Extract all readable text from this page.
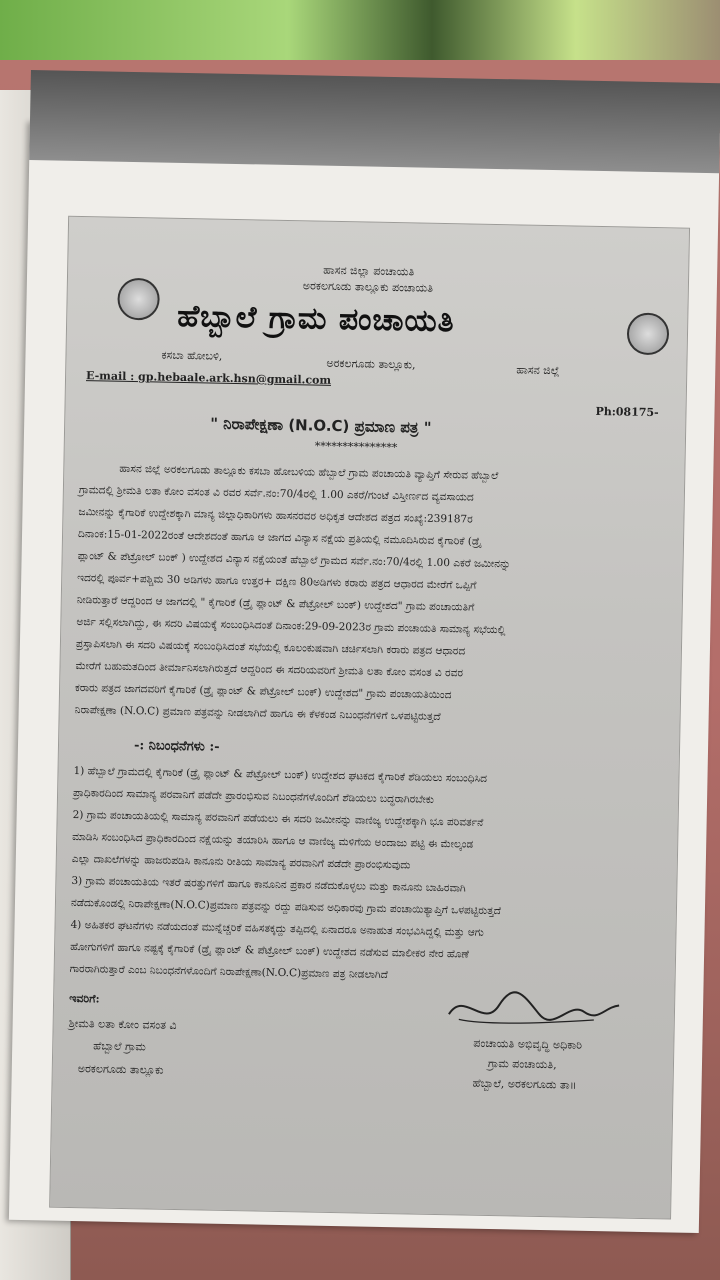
ಹಾಸನ ಜಿಲ್ಲಾ ಪಂಚಾಯತಿ
ಅರಕಲಗೂಡು ತಾಲ್ಲೂಕು ಪಂಚಾಯತಿ
ಹೆಬ್ಬಾಲೆ ಗ್ರಾಮ ಪಂಚಾಯತಿ
ಕಸಬಾ ಹೋಬಳಿ,
ಅರಕಲಗೂಡು ತಾಲ್ಲೂಕು,	ಹಾಸನ ಜಿಲ್ಲೆ
E-mail : gp.hebaale.ark.hsn@gmail.com
Ph:08175-
" ನಿರಾಪೇಕ್ಷಣಾ (N.O.C) ಪ್ರಮಾಣ ಪತ್ರ "
***************
ಹಾಸನ ಜಿಲ್ಲೆ ಅರಕಲಗೂಡು ತಾಲ್ಲೂಕು ಕಸಬಾ ಹೋಬಳಿಯ ಹೆಬ್ಬಾಲೆ ಗ್ರಾಮ ಪಂಚಾಯತಿ ವ್ಯಾಪ್ತಿಗೆ ಸೇರುವ ಹೆಬ್ಬಾಲೆ
ಗ್ರಾಮದಲ್ಲಿ ಶ್ರೀಮತಿ ಲತಾ ಕೋಂ ವಸಂತ ವಿ ರವರ ಸರ್ವೆ.ನಂ:70/4ರಲ್ಲಿ 1.00 ಎಕರೆ/ಗುಂಟೆ ವಿಸ್ತೀರ್ಣದ ವ್ಯವಸಾಯದ
ಜಮೀನನ್ನು ಕೈಗಾರಿಕೆ ಉದ್ದೇಶಕ್ಕಾಗಿ ಮಾನ್ಯ ಜಿಲ್ಲಾಧಿಕಾರಿಗಳು ಹಾಸನರವರ ಅಧಿಕೃತ ಆದೇಶದ ಪತ್ರದ ಸಂಖ್ಯೆ:239187ರ
ದಿನಾಂಕ:15-01-2022ರಂತೆ ಆದೇಶದಂತೆ ಹಾಗೂ ಆ ಜಾಗದ ವಿನ್ಯಾಸ ನಕ್ಷೆಯ ಪ್ರತಿಯಲ್ಲಿ ನಮೂದಿಸಿರುವ ಕೈಗಾರಿಕೆ (ಡ್ರೈ
ಪ್ಲಾಂಟ್ & ಪೆಟ್ರೋಲ್ ಬಂಕ್ ) ಉದ್ದೇಶದ ವಿನ್ಯಾಸ ನಕ್ಷೆಯಂತೆ ಹೆಬ್ಬಾಲೆ ಗ್ರಾಮದ ಸರ್ವೆ.ನಂ:70/4ರಲ್ಲಿ 1.00 ಎಕರೆ ಜಮೀನನ್ನು
ಇದರಲ್ಲಿ ಪೂರ್ವ+ಪಶ್ಚಿಮ 30 ಅಡಿಗಳು ಹಾಗೂ ಉತ್ತರ+ ದಕ್ಷಿಣ 80ಅಡಿಗಳು ಕರಾರು ಪತ್ರದ ಆಧಾರದ ಮೇರೆಗೆ ಒಪ್ಪಿಗೆ
ನೀಡಿರುತ್ತಾರೆ ಆದ್ದರಿಂದ ಆ ಜಾಗದಲ್ಲಿ " ಕೈಗಾರಿಕೆ (ಡ್ರೈ ಪ್ಲಾಂಟ್ & ಪೆಟ್ರೋಲ್ ಬಂಕ್) ಉದ್ದೇಶದ" ಗ್ರಾಮ ಪಂಚಾಯತಿಗೆ
ಅರ್ಜಿ ಸಲ್ಲಿಸಲಾಗಿದ್ದು, ಈ ಸದರಿ ವಿಷಯಕ್ಕೆ ಸಂಬಂಧಿಸಿದಂತೆ ದಿನಾಂಕ:29-09-2023ರ ಗ್ರಾಮ ಪಂಚಾಯತಿ ಸಾಮಾನ್ಯ ಸಭೆಯಲ್ಲಿ
ಪ್ರಸ್ತಾಪಿಸಲಾಗಿ ಈ ಸದರಿ ವಿಷಯಕ್ಕೆ ಸಂಬಂಧಿಸಿದಂತೆ ಸಭೆಯಲ್ಲಿ ಕೂಲಂಕುಷವಾಗಿ ಚರ್ಚಿಸಲಾಗಿ ಕರಾರು ಪತ್ರದ ಆಧಾರದ
ಮೇರೆಗೆ ಬಹುಮತದಿಂದ ತೀರ್ಮಾನಿಸಲಾಗಿರುತ್ತದೆ ಆದ್ದರಿಂದ ಈ ಸದರಿಯವರಿಗೆ ಶ್ರೀಮತಿ ಲತಾ ಕೋಂ ವಸಂತ ವಿ ರವರ
ಕರಾರು ಪತ್ರದ ಜಾಗದವರಿಗೆ ಕೈಗಾರಿಕೆ (ಡ್ರೈ ಪ್ಲಾಂಟ್ & ಪೆಟ್ರೋಲ್ ಬಂಕ್) ಉದ್ದೇಶದ" ಗ್ರಾಮ ಪಂಚಾಯತಿಯಿಂದ
ನಿರಾಪೇಕ್ಷಣಾ (N.O.C) ಪ್ರಮಾಣ ಪತ್ರವನ್ನು ನೀಡಲಾಗಿದೆ ಹಾಗೂ ಈ ಕೆಳಕಂಡ ನಿಬಂಧನೆಗಳಿಗೆ ಒಳಪಟ್ಟಿರುತ್ತದೆ
-: ನಿಬಂಧನೆಗಳು :-
1) ಹೆಬ್ಬಾಲೆ ಗ್ರಾಮದಲ್ಲಿ ಕೈಗಾರಿಕೆ (ಡ್ರೈ ಪ್ಲಾಂಟ್ & ಪೆಟ್ರೋಲ್ ಬಂಕ್) ಉದ್ದೇಶದ ಘಟಕದ ಕೈಗಾರಿಕೆ ಶೆಡಿಯಲು ಸಂಬಂಧಿಸಿದ
ಪ್ರಾಧಿಕಾರದಿಂದ ಸಾಮಾನ್ಯ ಪರವಾನಿಗೆ ಪಡೆದೇ ಪ್ರಾರಂಭಿಸುವ ನಿಬಂಧನೆಗಳೊಂದಿಗೆ ಶೆಡಿಯಲು ಬದ್ಧರಾಗಿರಬೇಕು
2) ಗ್ರಾಮ ಪಂಚಾಯತಿಯಲ್ಲಿ ಸಾಮಾನ್ಯ ಪರವಾನಿಗೆ ಪಡೆಯಲು ಈ ಸದರಿ ಜಮೀನನ್ನು ವಾಣಿಜ್ಯ ಉದ್ದೇಶಕ್ಕಾಗಿ ಭೂ ಪರಿವರ್ತನೆ
ಮಾಡಿಸಿ ಸಂಬಂಧಿಸಿದ ಪ್ರಾಧಿಕಾರದಿಂದ ನಕ್ಷೆಯನ್ನು ತಯಾರಿಸಿ ಹಾಗೂ ಆ ವಾಣಿಜ್ಯ ಮಳಿಗೆಯ ಅಂದಾಜು ಪಟ್ಟಿ ಈ ಮೇಲ್ಕಂಡ
ಎಲ್ಲಾ ದಾಖಲೆಗಳನ್ನು ಹಾಜರುಪಡಿಸಿ ಕಾನೂನು ರೀತಿಯ ಸಾಮಾನ್ಯ ಪರವಾನಿಗೆ ಪಡೆದೇ ಪ್ರಾರಂಭಿಸುವುದು
3) ಗ್ರಾಮ ಪಂಚಾಯತಿಯ ಇತರೆ ಷರತ್ತುಗಳಿಗೆ ಹಾಗೂ ಕಾನೂನಿನ ಪ್ರಕಾರ ನಡೆದುಕೊಳ್ಳಲು ಮತ್ತು ಕಾನೂನು ಬಾಹಿರವಾಗಿ
ನಡೆದುಕೊಂಡಲ್ಲಿ ನಿರಾಪೇಕ್ಷಣಾ(N.O.C)ಪ್ರಮಾಣ ಪತ್ರವನ್ನು ರದ್ದು ಪಡಿಸುವ ಅಧಿಕಾರವು ಗ್ರಾಮ ಪಂಚಾಯಿತ್ಯಾಪ್ತಿಗೆ ಒಳಪಟ್ಟಿರುತ್ತದೆ
4) ಅಹಿತಕರ ಘಟನೆಗಳು ನಡೆಯದಂತೆ ಮುನ್ನೆಚ್ಚರಿಕೆ ವಹಿಸತಕ್ಕದ್ದು ತಪ್ಪಿದಲ್ಲಿ ಏನಾದರೂ ಅನಾಹುತ ಸಂಭವಿಸಿದ್ದಲ್ಲಿ ಮತ್ತು ಆಗು
ಹೋಗುಗಳಿಗೆ ಹಾಗೂ ನಷ್ಟಕ್ಕೆ ಕೈಗಾರಿಕೆ (ಡ್ರೈ ಪ್ಲಾಂಟ್ & ಪೆಟ್ರೋಲ್ ಬಂಕ್) ಉದ್ದೇಶದ ನಡೆಸುವ ಮಾಲೀಕರ ನೇರ ಹೊಣೆ
ಗಾರರಾಗಿರುತ್ತಾರೆ ಎಂಬ ನಿಬಂಧನೆಗಳೊಂದಿಗೆ ನಿರಾಪೇಕ್ಷಣಾ(N.O.C)ಪ್ರಮಾಣ ಪತ್ರ ನೀಡಲಾಗಿದೆ
ಇವರಿಗೆ:
ಶ್ರೀಮತಿ ಲತಾ ಕೋಂ ವಸಂತ ವಿ
ಹೆಬ್ಬಾಲೆ ಗ್ರಾಮ
ಅರಕಲಗೂಡು ತಾಲ್ಲೂಕು
ಪಂಚಾಯತಿ ಅಭಿವೃದ್ಧಿ ಅಧಿಕಾರಿ
ಗ್ರಾಮ ಪಂಚಾಯತಿ,
ಹೆಬ್ಬಾಲೆ, ಅರಕಲಗೂಡು ತಾ॥
